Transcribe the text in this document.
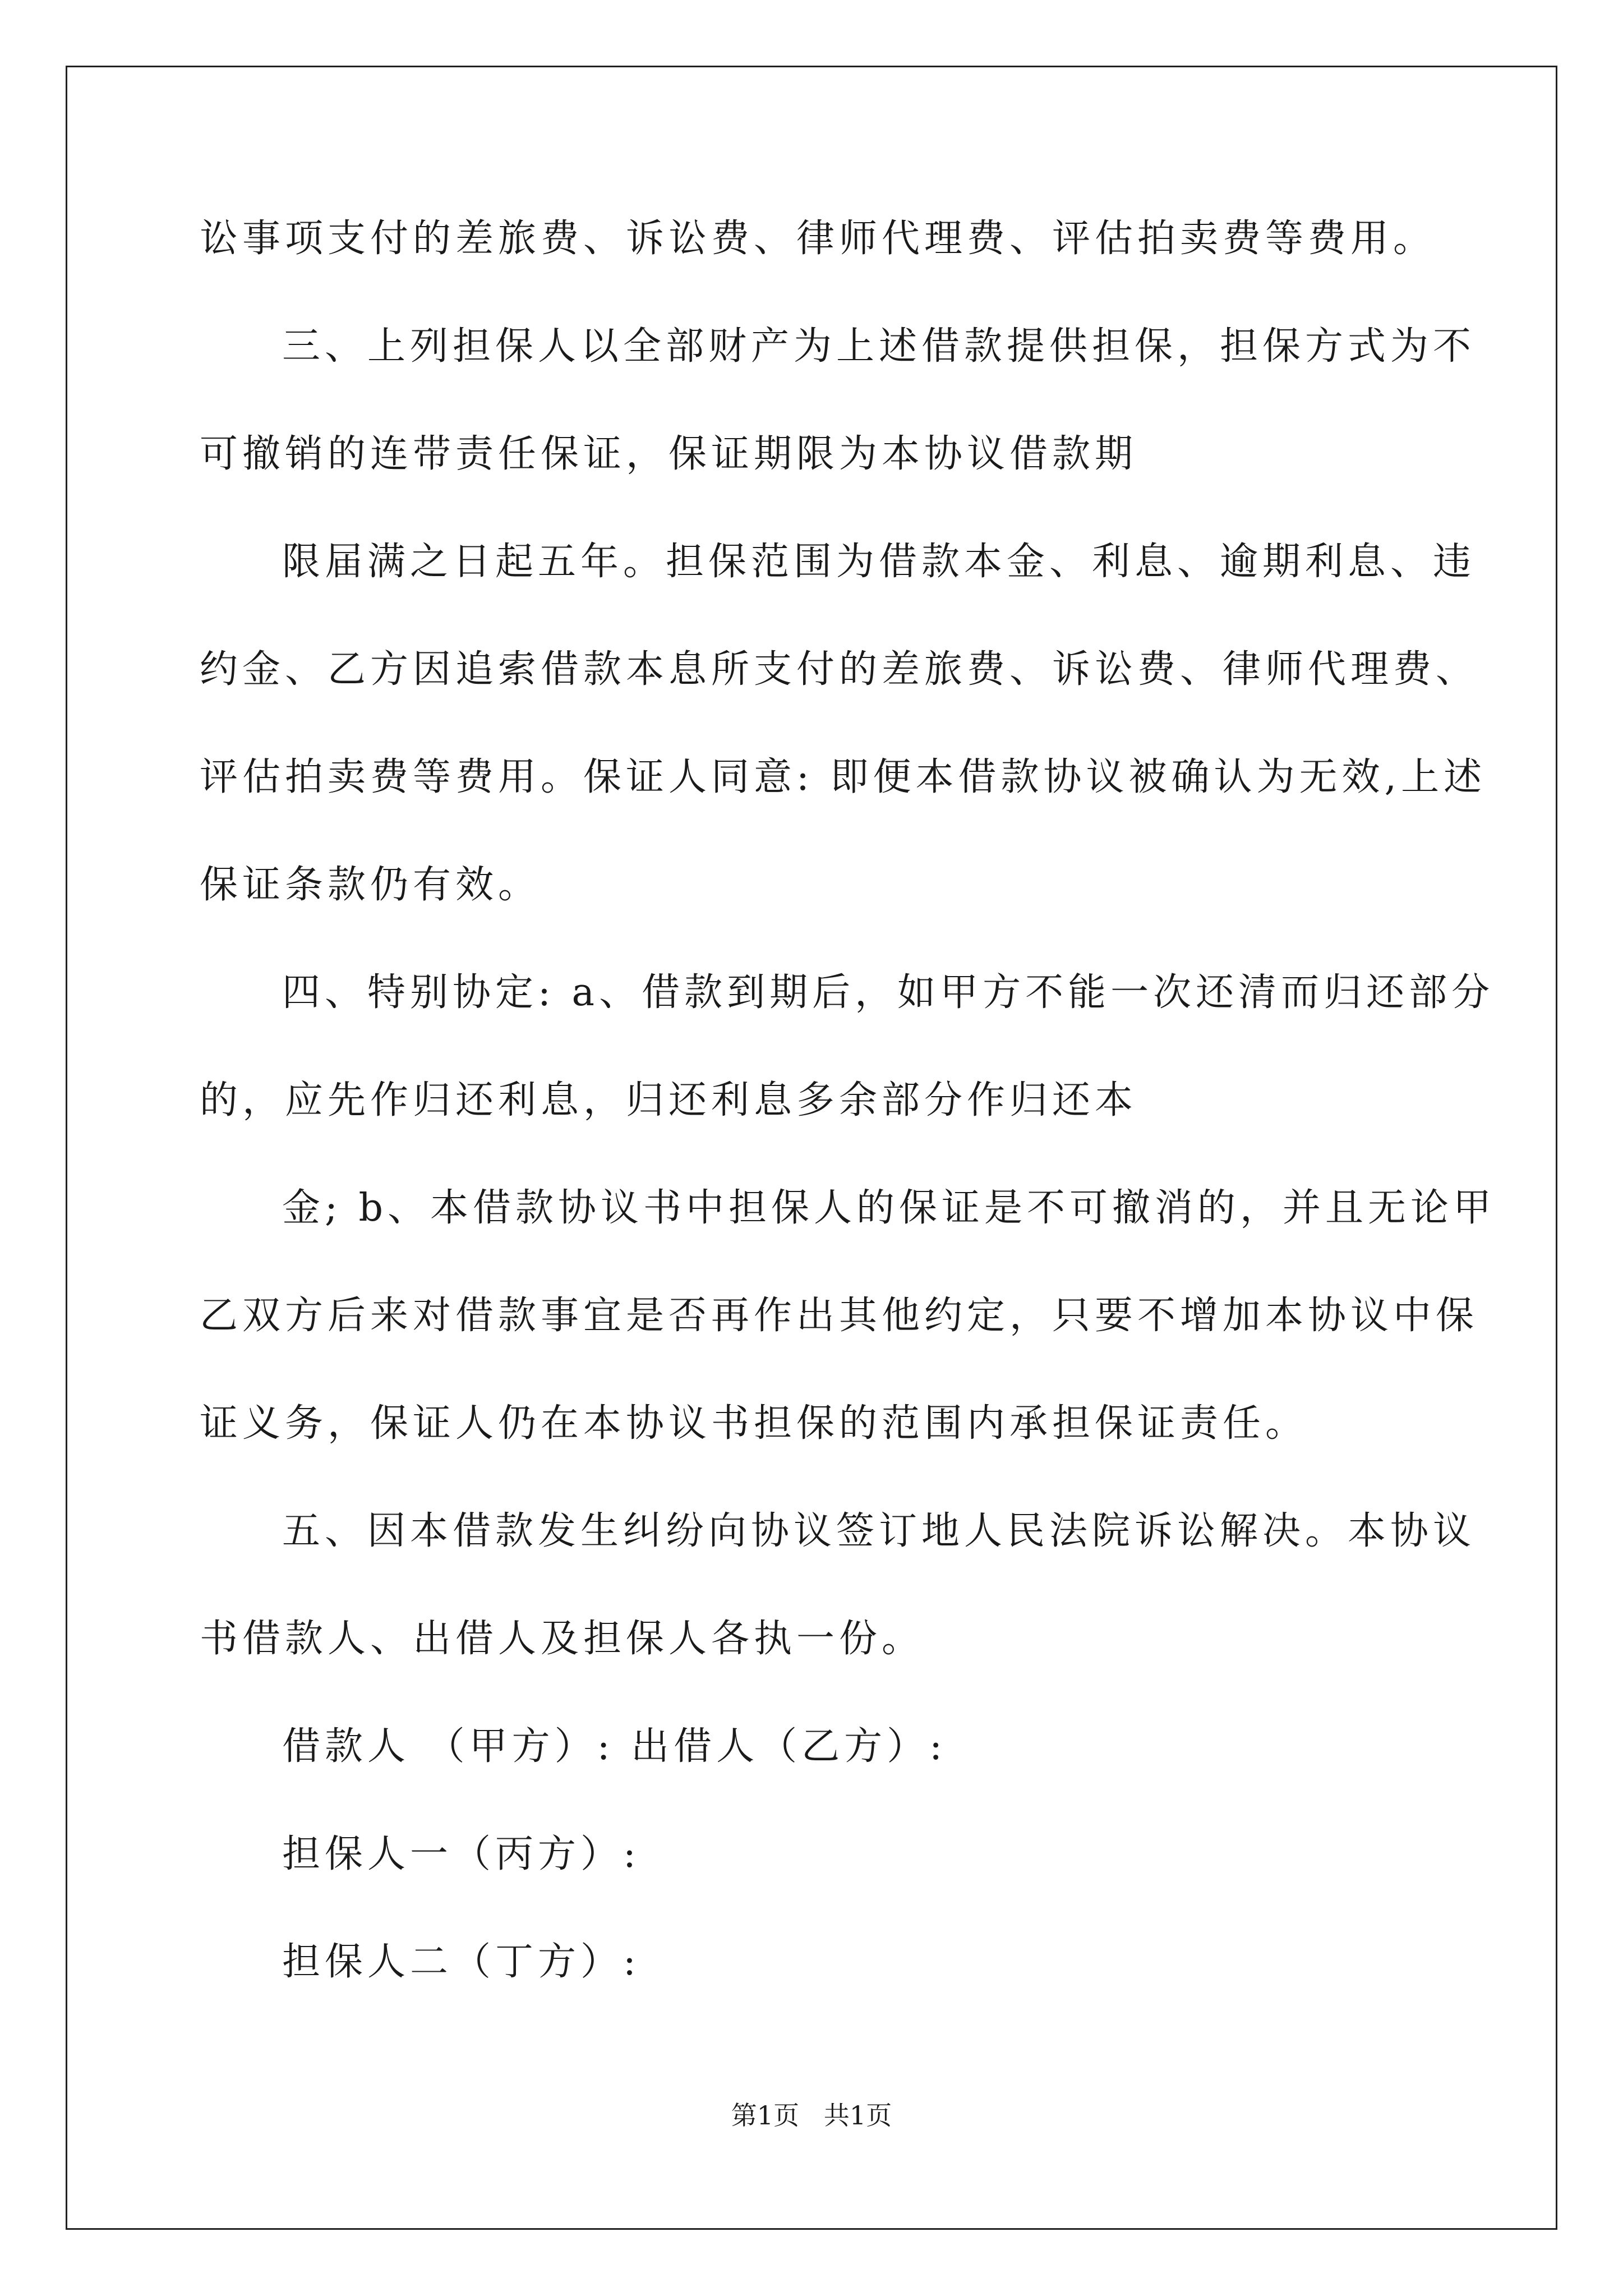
讼事项支付的差旅费、诉讼费、律师代理费、评估拍卖费等费用。
三、上列担保人以全部财产为上述借款提供担保，担保方式为不
可撤销的连带责任保证，保证期限为本协议借款期
限届满之日起五年。担保范围为借款本金、利息、逾期利息、违
约金、乙方因追索借款本息所支付的差旅费、诉讼费、律师代理费、
评估拍卖费等费用。保证人同意: 即便本借款协议被确认为无效,上述
保证条款仍有效。
四、特别协定: a、借款到期后，如甲方不能一次还清而归还部分
的，应先作归还利息，归还利息多余部分作归还本
金; b、本借款协议书中担保人的保证是不可撤消的，并且无论甲
乙双方后来对借款事宜是否再作出其他约定，只要不增加本协议中保
证义务，保证人仍在本协议书担保的范围内承担保证责任。
五、因本借款发生纠纷向协议签订地人民法院诉讼解决。本协议
书借款人、出借人及担保人各执一份。
借款人 （甲方）: 出借人（乙方）:
担保人一（丙方）:
担保人二（丁方）:
第1页   共1页
